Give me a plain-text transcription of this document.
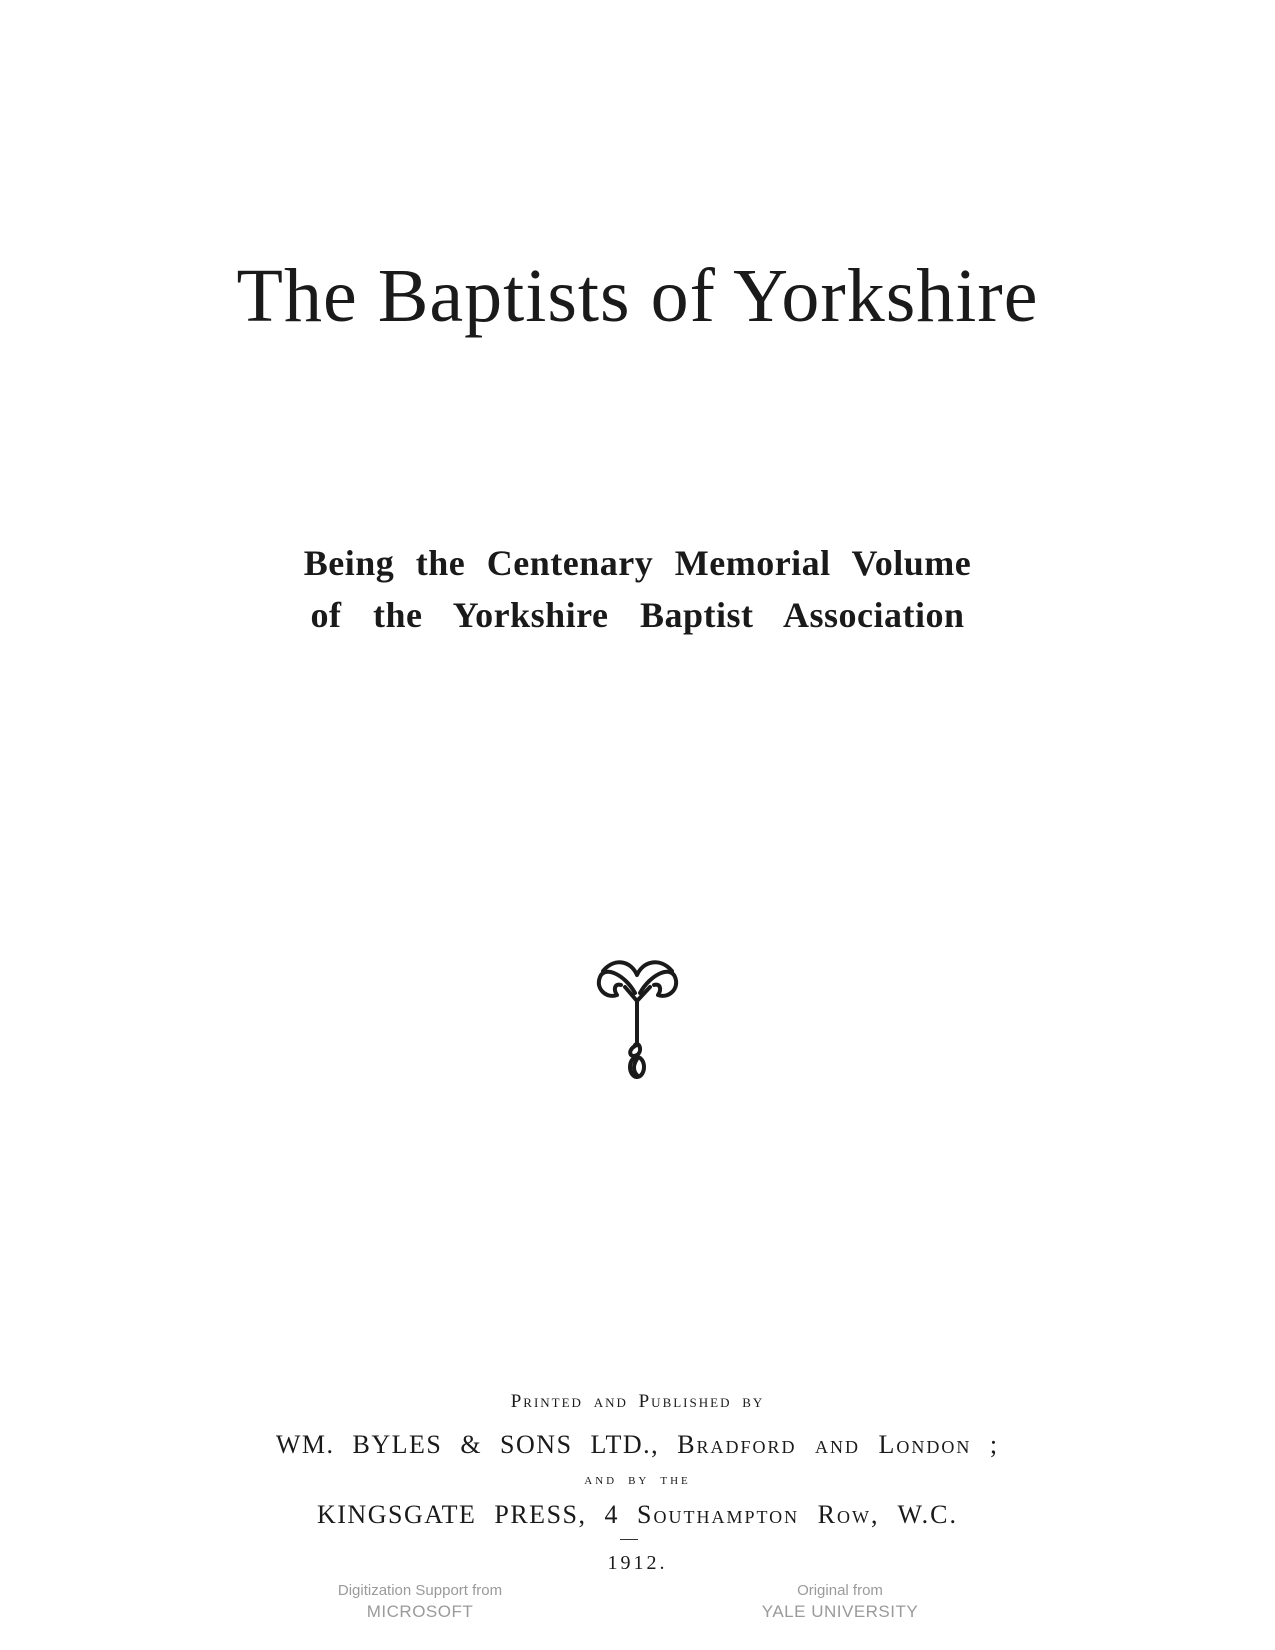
The Baptists of Yorkshire
Being the Centenary Memorial Volume
of the Yorkshire Baptist Association
Printed and Published by
WM. BYLES & SONS LTD., Bradford and London ;
and by the
KINGSGATE PRESS, 4 Southampton Row, W.C.
1912.
Digitization Support from
MICROSOFT
Original from
YALE UNIVERSITY
